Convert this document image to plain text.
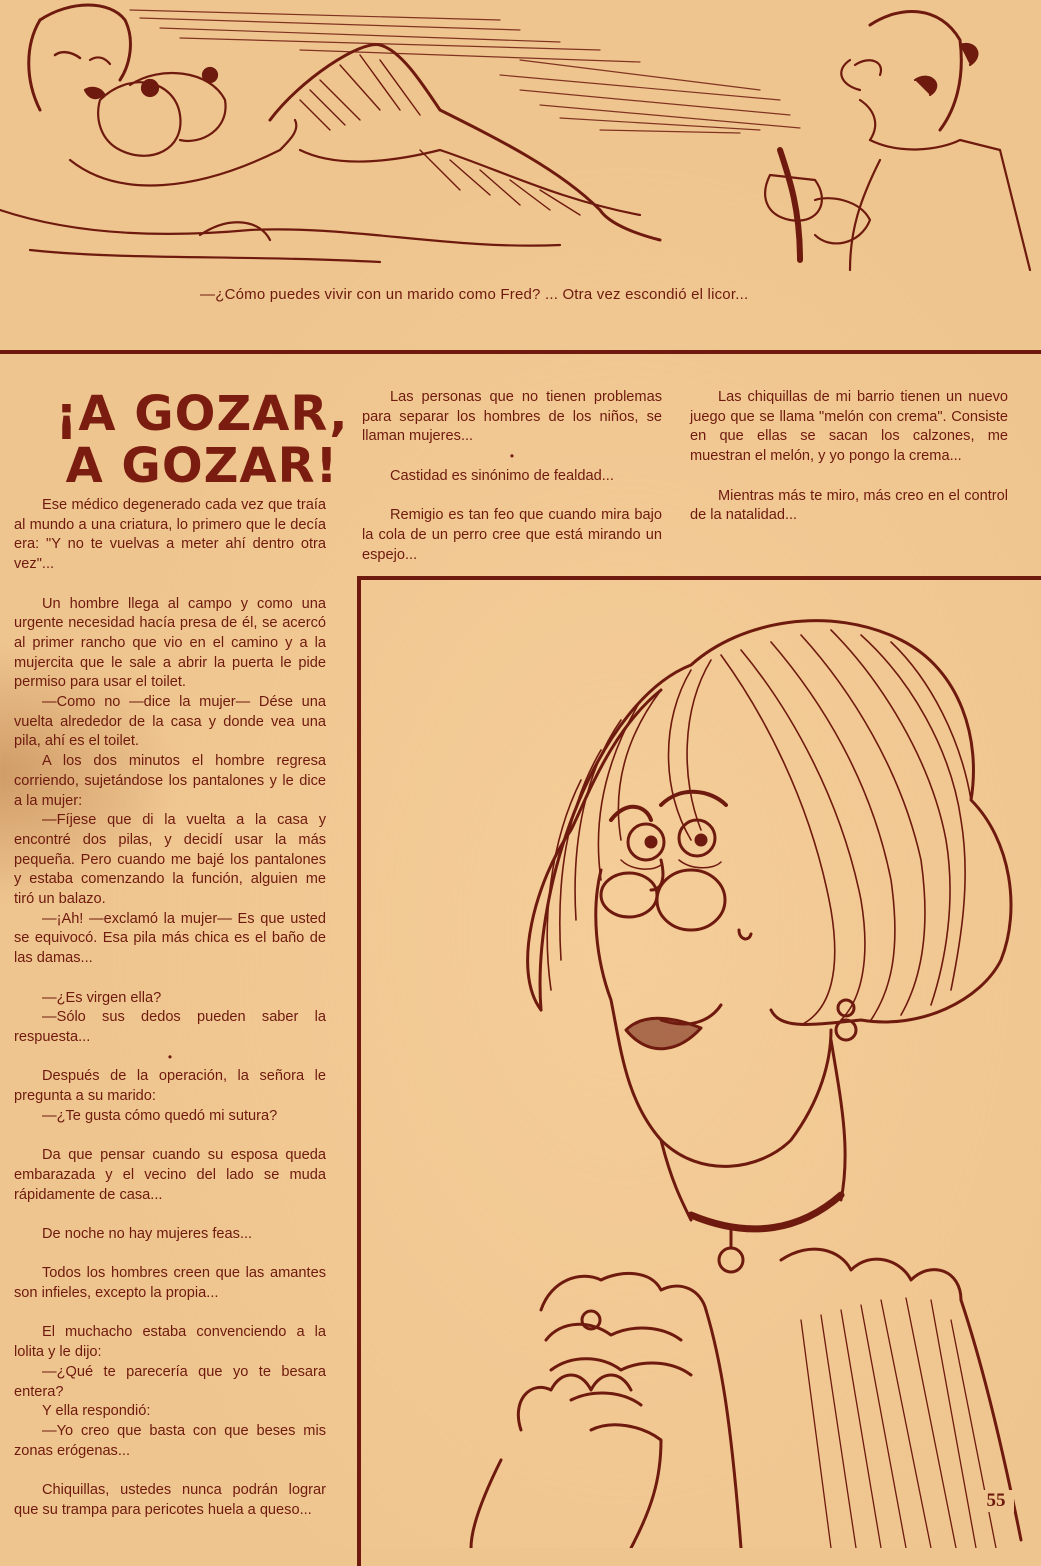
—¿Cómo puedes vivir con un marido como Fred? ... Otra vez escondió el licor...
¡A GOZAR,
A GOZAR!

Ese médico degenerado cada vez que traía al mundo a una criatura, lo primero que le decía era: "Y no te vuelvas a meter ahí dentro otra vez"...

Un hombre llega al campo y como una urgente necesidad hacía presa de él, se acercó al primer rancho que vio en el camino y a la mujercita que le sale a abrir la puerta le pide permiso para usar el toilet.

—Como no —dice la mujer— Dése una vuelta alrededor de la casa y donde vea una pila, ahí es el toilet.

A los dos minutos el hombre regresa corriendo, sujetándose los pantalones y le dice a la mujer:

—Fíjese que di la vuelta a la casa y encontré dos pilas, y decidí usar la más pequeña. Pero cuando me bajé los pantalones y estaba comenzando la función, alguien me tiró un balazo.

—¡Ah! —exclamó la mujer— Es que usted se equivocó. Esa pila más chica es el baño de las damas...

—¿Es virgen ella?

—Sólo sus dedos pueden saber la respuesta...

•

Después de la operación, la señora le pregunta a su marido:

—¿Te gusta cómo quedó mi sutura?

Da que pensar cuando su esposa queda embarazada y el vecino del lado se muda rápidamente de casa...

De noche no hay mujeres feas...

Todos los hombres creen que las amantes son infieles, excepto la propia...

El muchacho estaba convenciendo a la lolita y le dijo:

—¿Qué te parecería que yo te besara entera?

Y ella respondió:

—Yo creo que basta con que beses mis zonas erógenas...

Chiquillas, ustedes nunca podrán lograr que su trampa para pericotes huela a queso...

Las personas que no tienen problemas para separar los hombres de los niños, se llaman mujeres...

•

Castidad es sinónimo de fealdad...

Remigio es tan feo que cuando mira bajo la cola de un perro cree que está mirando un espejo...

Las chiquillas de mi barrio tienen un nuevo juego que se llama "melón con crema". Consiste en que ellas se sacan los calzones, me muestran el melón, y yo pongo la crema...

Mientras más te miro, más creo en el control de la natalidad...

55
